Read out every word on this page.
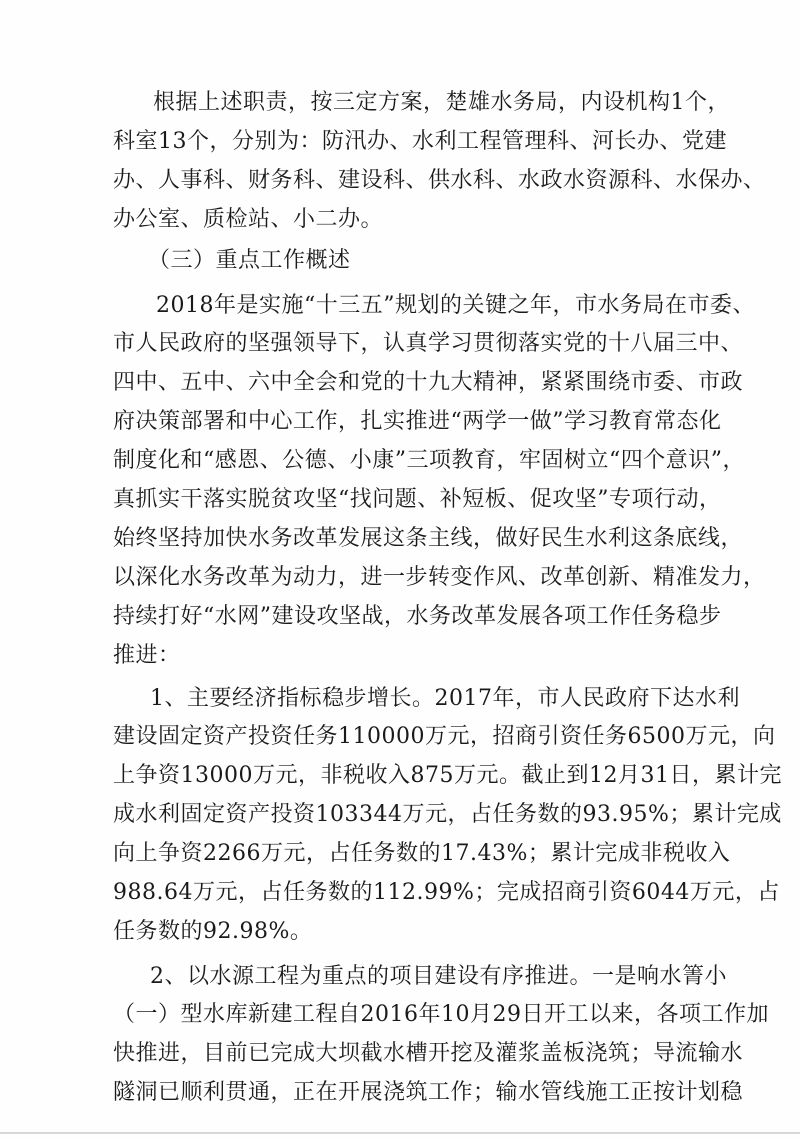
根据上述职责，按三定方案，楚雄水务局，内设机构1个，
科室13个，分别为：防汛办、水利工程管理科、河长办、党建
办、人事科、财务科、建设科、供水科、水政水资源科、水保办、
办公室、质检站、小二办。
（三）重点工作概述
2018年是实施“十三五”规划的关键之年，市水务局在市委、
市人民政府的坚强领导下，认真学习贯彻落实党的十八届三中、
四中、五中、六中全会和党的十九大精神，紧紧围绕市委、市政
府决策部署和中心工作，扎实推进“两学一做”学习教育常态化
制度化和“感恩、公德、小康”三项教育，牢固树立“四个意识”，
真抓实干落实脱贫攻坚“找问题、补短板、促攻坚”专项行动，
始终坚持加快水务改革发展这条主线，做好民生水利这条底线，
以深化水务改革为动力，进一步转变作风、改革创新、精准发力，
持续打好“水网”建设攻坚战，水务改革发展各项工作任务稳步
推进：
1、主要经济指标稳步增长。2017年，市人民政府下达水利
建设固定资产投资任务110000万元，招商引资任务6500万元，向
上争资13000万元，非税收入875万元。截止到12月31日，累计完
成水利固定资产投资103344万元，占任务数的93.95%；累计完成
向上争资2266万元，占任务数的17.43%；累计完成非税收入
988.64万元，占任务数的112.99%；完成招商引资6044万元，占
任务数的92.98%。
2、以水源工程为重点的项目建设有序推进。一是响水箐小
（一）型水库新建工程自2016年10月29日开工以来，各项工作加
快推进，目前已完成大坝截水槽开挖及灌浆盖板浇筑；导流输水
隧洞已顺利贯通，正在开展浇筑工作；输水管线施工正按计划稳
